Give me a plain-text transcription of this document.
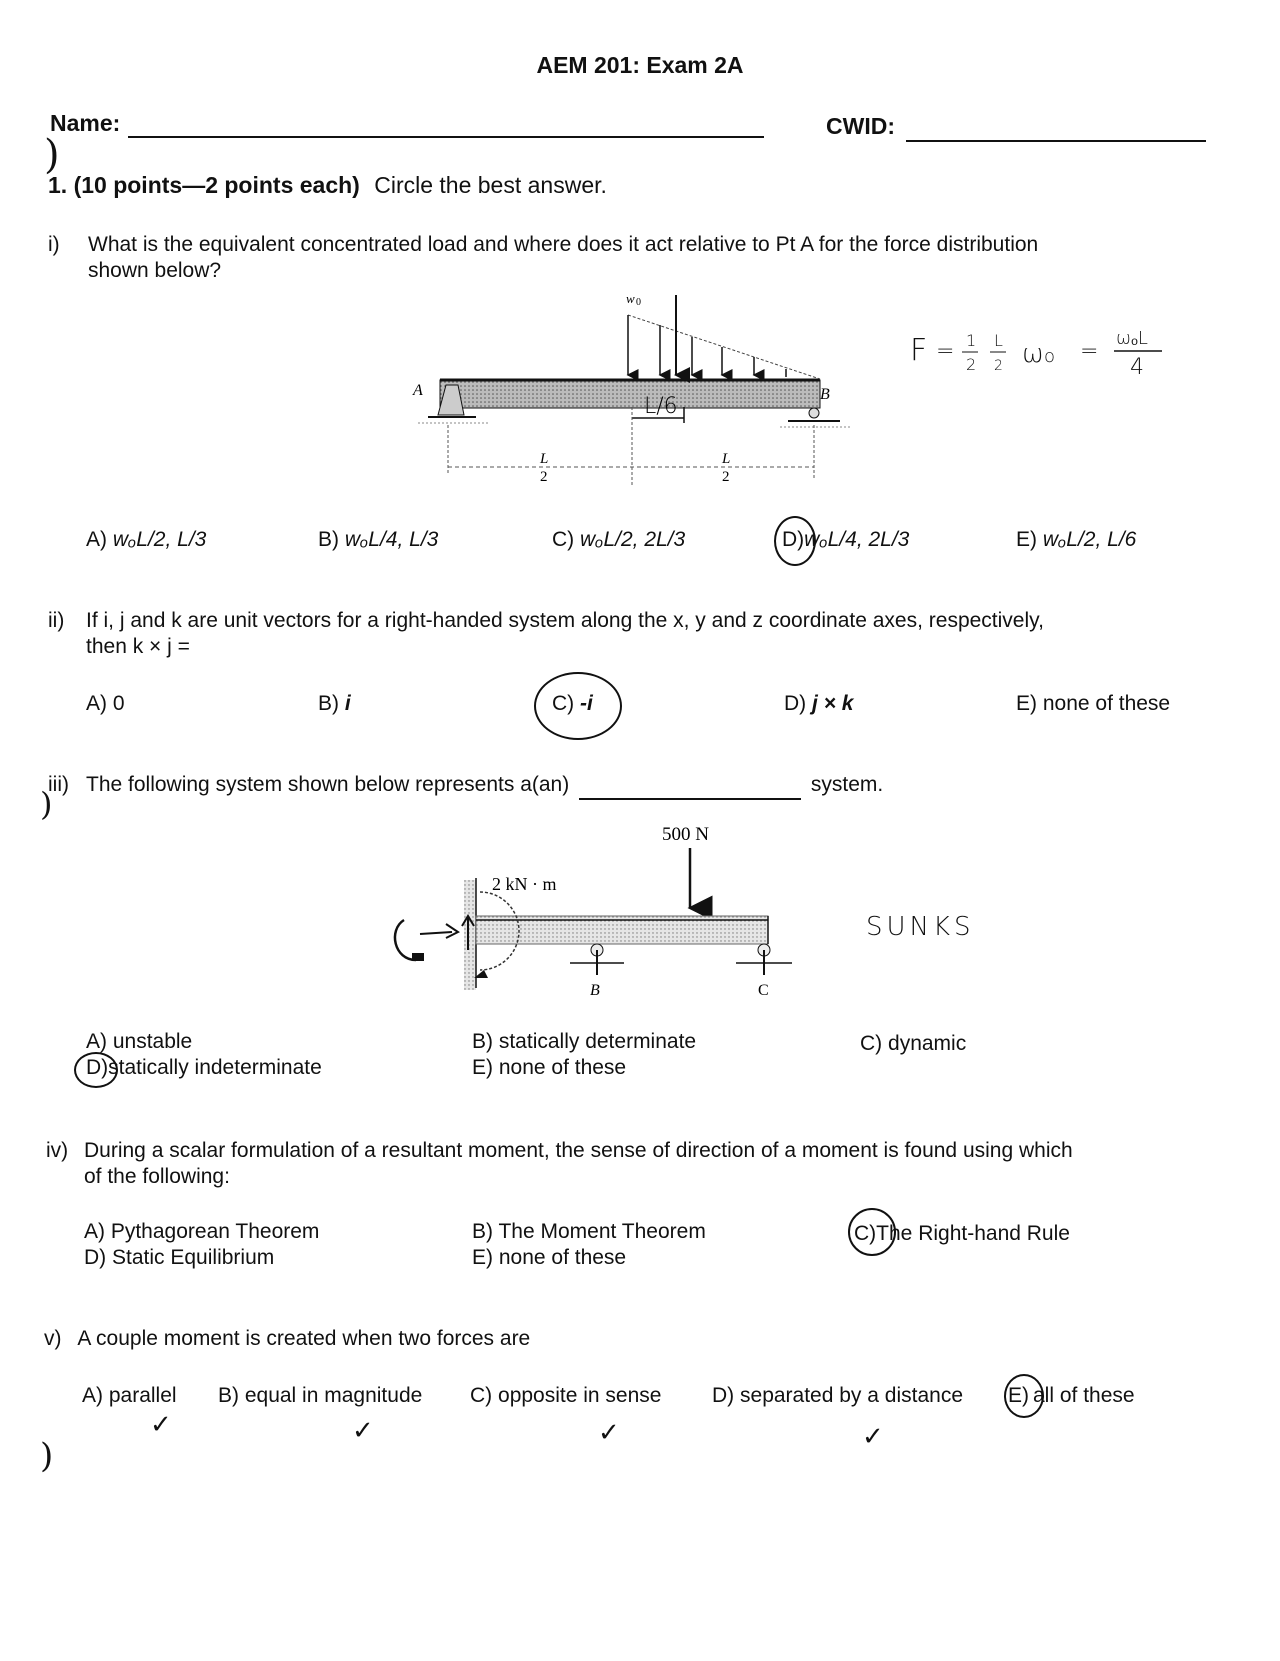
AEM 201: Exam 2A
Name:	CWID:
)
1. (10 points—2 points each) Circle the best answer.
i) What is the equivalent concentrated load and where does it act relative to Pt A for the force distribution
shown below?
A	B
w 0
L/6
L
2
L
2
F = 1
2
L
2 ω o =
ωₒL
4
A) wₒL/2, L/3	B) wₒL/4, L/3	C) wₒL/2, 2L/3	D)wₒL/4, 2L/3	E) wₒL/2, L/6
ii) If i, j and k are unit vectors for a right-handed system along the x, y and z coordinate axes, respectively,
then k × j =
A) 0	B) i	C) -i	D) j × k	E) none of these
iii) The following system shown below represents a(an)	system.
)
500 N
2 kN · m
B	C
SUNKS
A) unstable	B) statically determinate	C) dynamic
D)statically indeterminate	E) none of these
iv) During a scalar formulation of a resultant moment, the sense of direction of a moment is found using which
of the following:
A) Pythagorean Theorem	B) The Moment Theorem	C)The Right-hand Rule
D) Static Equilibrium	E) none of these
v) A couple moment is created when two forces are
A) parallel B) equal in magnitude C) opposite in sense D) separated by a distance E) all of these
✓	✓	✓	✓
)
